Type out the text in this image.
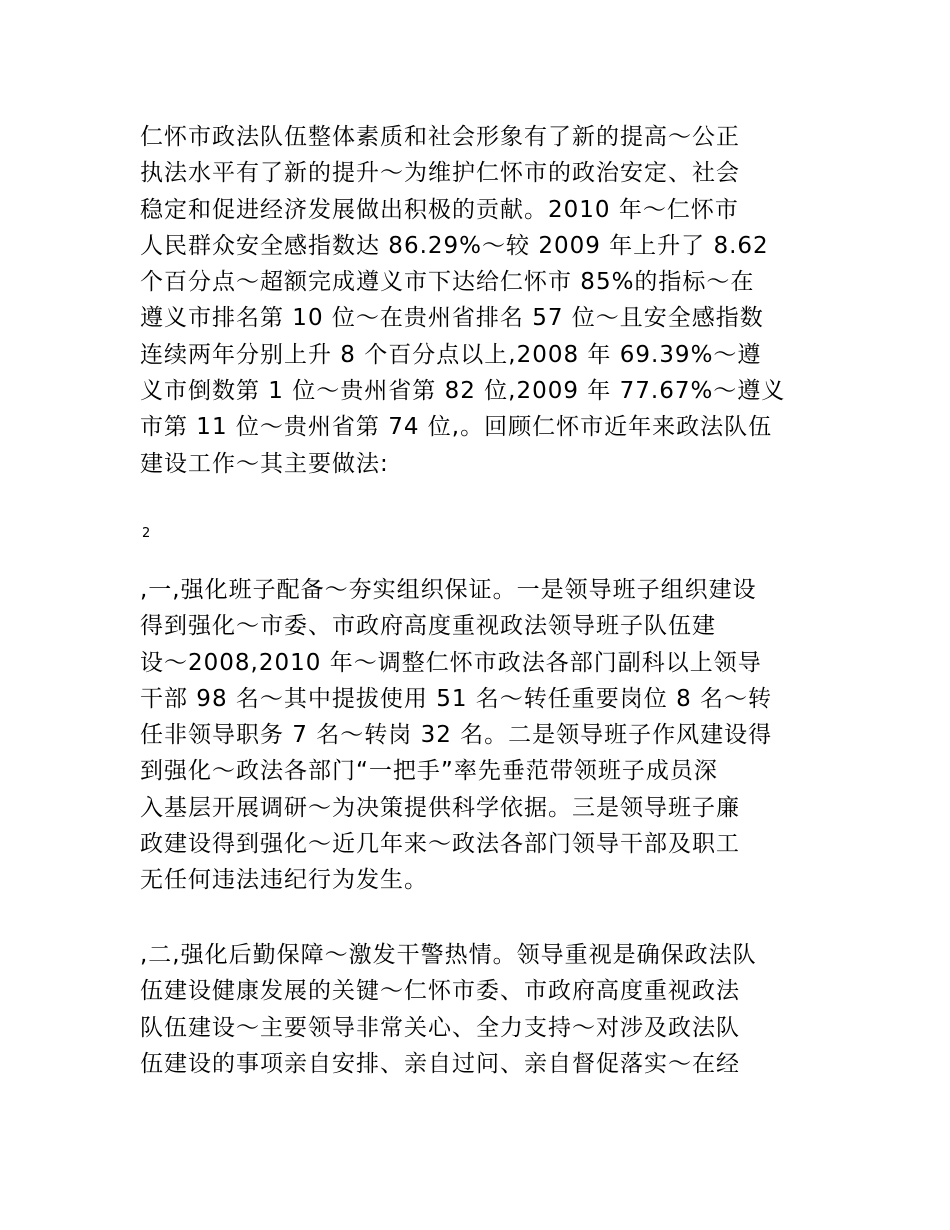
仁怀市政法队伍整体素质和社会形象有了新的提高～公正
执法水平有了新的提升～为维护仁怀市的政治安定、社会
稳定和促进经济发展做出积极的贡献。2010 年～仁怀市
人民群众安全感指数达 86.29%～较 2009 年上升了 8.62
个百分点～超额完成遵义市下达给仁怀市 85%的指标～在
遵义市排名第 10 位～在贵州省排名 57 位～且安全感指数
连续两年分别上升 8 个百分点以上,2008 年 69.39%～遵
义市倒数第 1 位～贵州省第 82 位,2009 年 77.67%～遵义
市第 11 位～贵州省第 74 位,。回顾仁怀市近年来政法队伍
建设工作～其主要做法:

2

,一,强化班子配备～夯实组织保证。一是领导班子组织建设
得到强化～市委、市政府高度重视政法领导班子队伍建
设～2008,2010 年～调整仁怀市政法各部门副科以上领导
干部 98 名～其中提拔使用 51 名～转任重要岗位 8 名～转
任非领导职务 7 名～转岗 32 名。二是领导班子作风建设得
到强化～政法各部门“一把手”率先垂范带领班子成员深
入基层开展调研～为决策提供科学依据。三是领导班子廉
政建设得到强化～近几年来～政法各部门领导干部及职工
无任何违法违纪行为发生。

,二,强化后勤保障～激发干警热情。领导重视是确保政法队
伍建设健康发展的关键～仁怀市委、市政府高度重视政法
队伍建设～主要领导非常关心、全力支持～对涉及政法队
伍建设的事项亲自安排、亲自过问、亲自督促落实～在经
